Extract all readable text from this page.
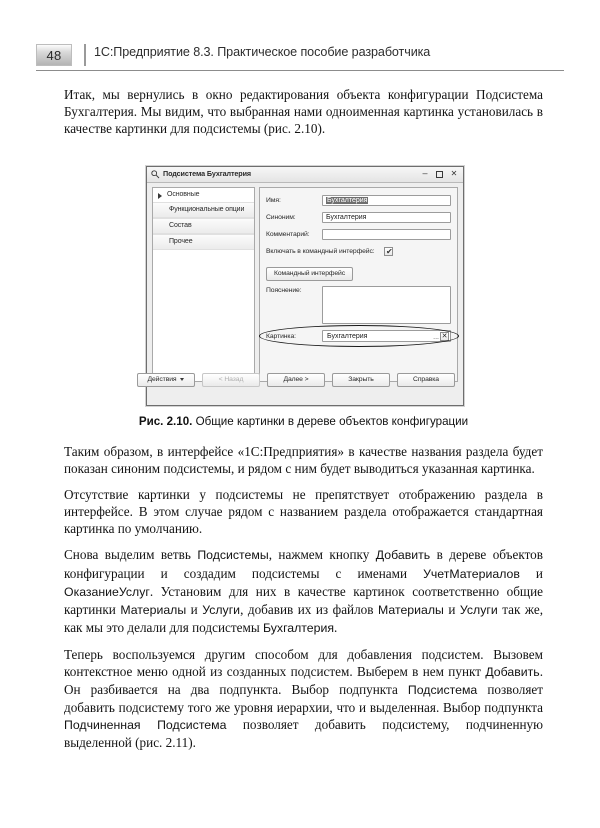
48	1С:Предприятие 8.3. Практическое пособие разработчика

Итак, мы вернулись в окно редактирования объекта конфигурации Подсистема Бухгалтерия. Мы видим, что выбранная нами одноименная картинка установилась в качестве картинки для подсистемы (рис. 2.10).

Подсистема Бухгалтерия	–	✕
Основные
Функциональные опции
Состав
Прочее
Имя:	Бухгалтерия
Синоним:	Бухгалтерия
Комментарий:
Включать в командный интерфейс:	✔
Командный интерфейс
Пояснение:
Картинка:	Бухгалтерия	... ✕
Действия	< Назад	Далее >	Закрыть	Справка
Рис. 2.10. Общие картинки в дереве объектов конфигурации

Таким образом, в интерфейсе «1С:Предприятия» в качестве названия раздела будет показан синоним подсистемы, и рядом с ним будет выводиться указанная картинка.

Отсутствие картинки у подсистемы не препятствует отображению раздела в интерфейсе. В этом случае рядом с названием раздела отображается стандартная картинка по умолчанию.

Снова выделим ветвь Подсистемы, нажмем кнопку Добавить в дереве объектов конфигурации и создадим подсистемы с именами УчетМатериалов и ОказаниеУслуг. Установим для них в качестве картинок соответственно общие картинки Материалы и Услуги, добавив их из файлов Материалы и Услуги так же, как мы это делали для подсистемы Бухгалтерия.

Теперь воспользуемся другим способом для добавления подсистем. Вызовем контекстное меню одной из созданных подсистем. Выберем в нем пункт Добавить. Он разбивается на два подпункта. Выбор подпункта Подсистема позволяет добавить подсистему того же уровня иерархии, что и выделенная. Выбор подпункта Подчиненная Подсистема позволяет добавить подсистему, подчиненную выделенной (рис. 2.11).
